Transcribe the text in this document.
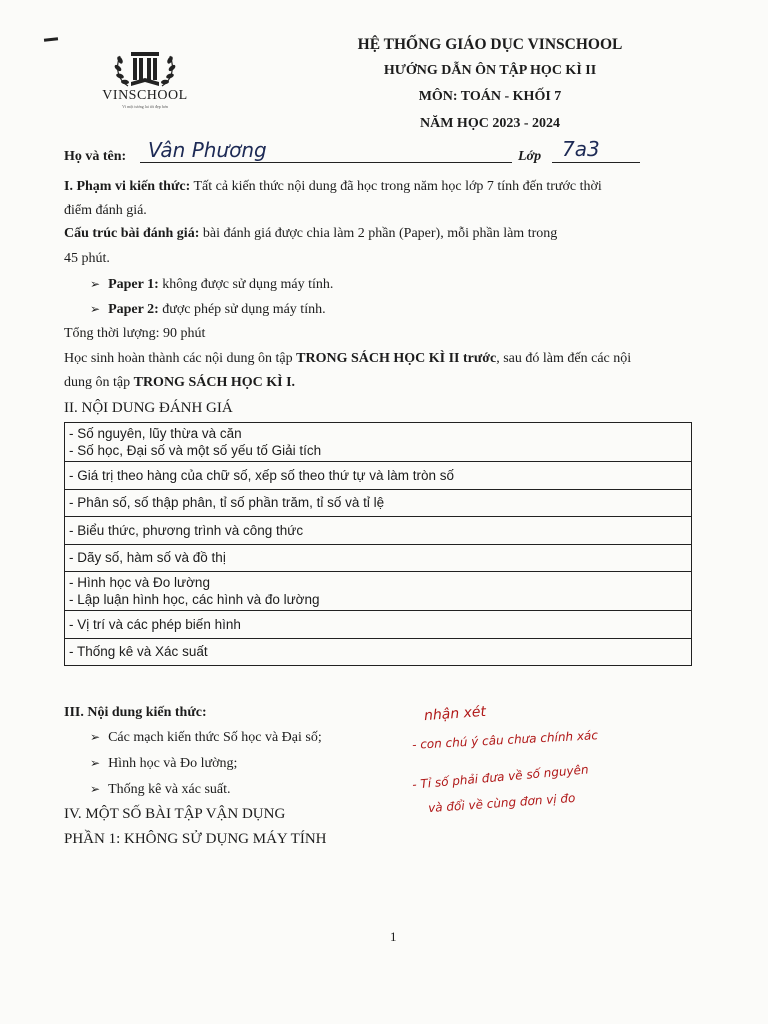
VINSCHOOL
Vì một tương lai tốt đẹp hơn
HỆ THỐNG GIÁO DỤC VINSCHOOL
HƯỚNG DẪN ÔN TẬP HỌC KÌ II
MÔN: TOÁN - KHỐI 7
NĂM HỌC 2023 - 2024
Họ và tên: Vân Phương	Lớp 7a3
I. Phạm vi kiến thức: Tất cả kiến thức nội dung đã học trong năm học lớp 7 tính đến trước thời
điểm đánh giá.
Cấu trúc bài đánh giá: bài đánh giá được chia làm 2 phần (Paper), mỗi phần làm trong
45 phút.
➢ Paper 1: không được sử dụng máy tính.
➢ Paper 2: được phép sử dụng máy tính.
Tổng thời lượng: 90 phút
Học sinh hoàn thành các nội dung ôn tập TRONG SÁCH HỌC KÌ II trước, sau đó làm đến các nội
dung ôn tập TRONG SÁCH HỌC KÌ I.
II. NỘI DUNG ĐÁNH GIÁ
- Số nguyên, lũy thừa và căn
- Số học, Đại số và một số yếu tố Giải tích

- Giá trị theo hàng của chữ số, xếp số theo thứ tự và làm tròn số

- Phân số, số thập phân, tỉ số phần trăm, tỉ số và tỉ lệ

- Biểu thức, phương trình và công thức

- Dãy số, hàm số và đồ thị

- Hình học và Đo lường
- Lập luận hình học, các hình và đo lường

- Vị trí và các phép biến hình

- Thống kê và Xác suất
III. Nội dung kiến thức:
➢ Các mạch kiến thức Số học và Đại số;
➢ Hình học và Đo lường;
➢ Thống kê và xác suất.
IV. MỘT SỐ BÀI TẬP VẬN DỤNG
PHẦN 1: KHÔNG SỬ DỤNG MÁY TÍNH
nhận xét
- con chú ý câu chưa chính xác
- Tỉ số phải đưa về số nguyên
và đổi về cùng đơn vị đo
1
